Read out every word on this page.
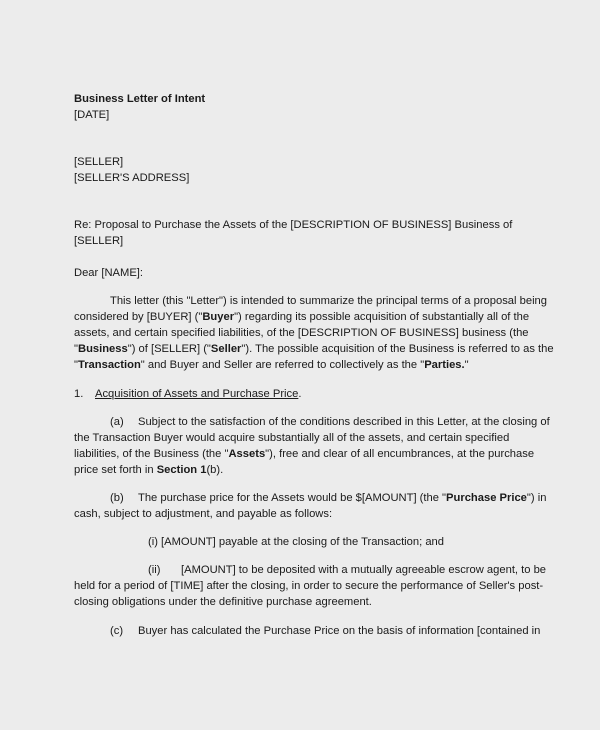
Business Letter of Intent

[DATE]

[SELLER]

[SELLER'S ADDRESS]

Re: Proposal to Purchase the Assets of the [DESCRIPTION OF BUSINESS] Business of

[SELLER]

Dear [NAME]:

This letter (this "Letter") is intended to summarize the principal terms of a proposal being

considered by [BUYER] ("Buyer") regarding its possible acquisition of substantially all of the

assets, and certain specified liabilities, of the [DESCRIPTION OF BUSINESS] business (the

"Business") of [SELLER] ("Seller"). The possible acquisition of the Business is referred to as the

"Transaction" and Buyer and Seller are referred to collectively as the "Parties."

1. Acquisition of Assets and Purchase Price.

(a) Subject to the satisfaction of the conditions described in this Letter, at the closing of

the Transaction Buyer would acquire substantially all of the assets, and certain specified

liabilities, of the Business (the "Assets"), free and clear of all encumbrances, at the purchase

price set forth in Section 1(b).

(b) The purchase price for the Assets would be $[AMOUNT] (the "Purchase Price") in

cash, subject to adjustment, and payable as follows:

(i) [AMOUNT] payable at the closing of the Transaction; and

(ii) [AMOUNT] to be deposited with a mutually agreeable escrow agent, to be

held for a period of [TIME] after the closing, in order to secure the performance of Seller's post-

closing obligations under the definitive purchase agreement.

(c) Buyer has calculated the Purchase Price on the basis of information [contained in
